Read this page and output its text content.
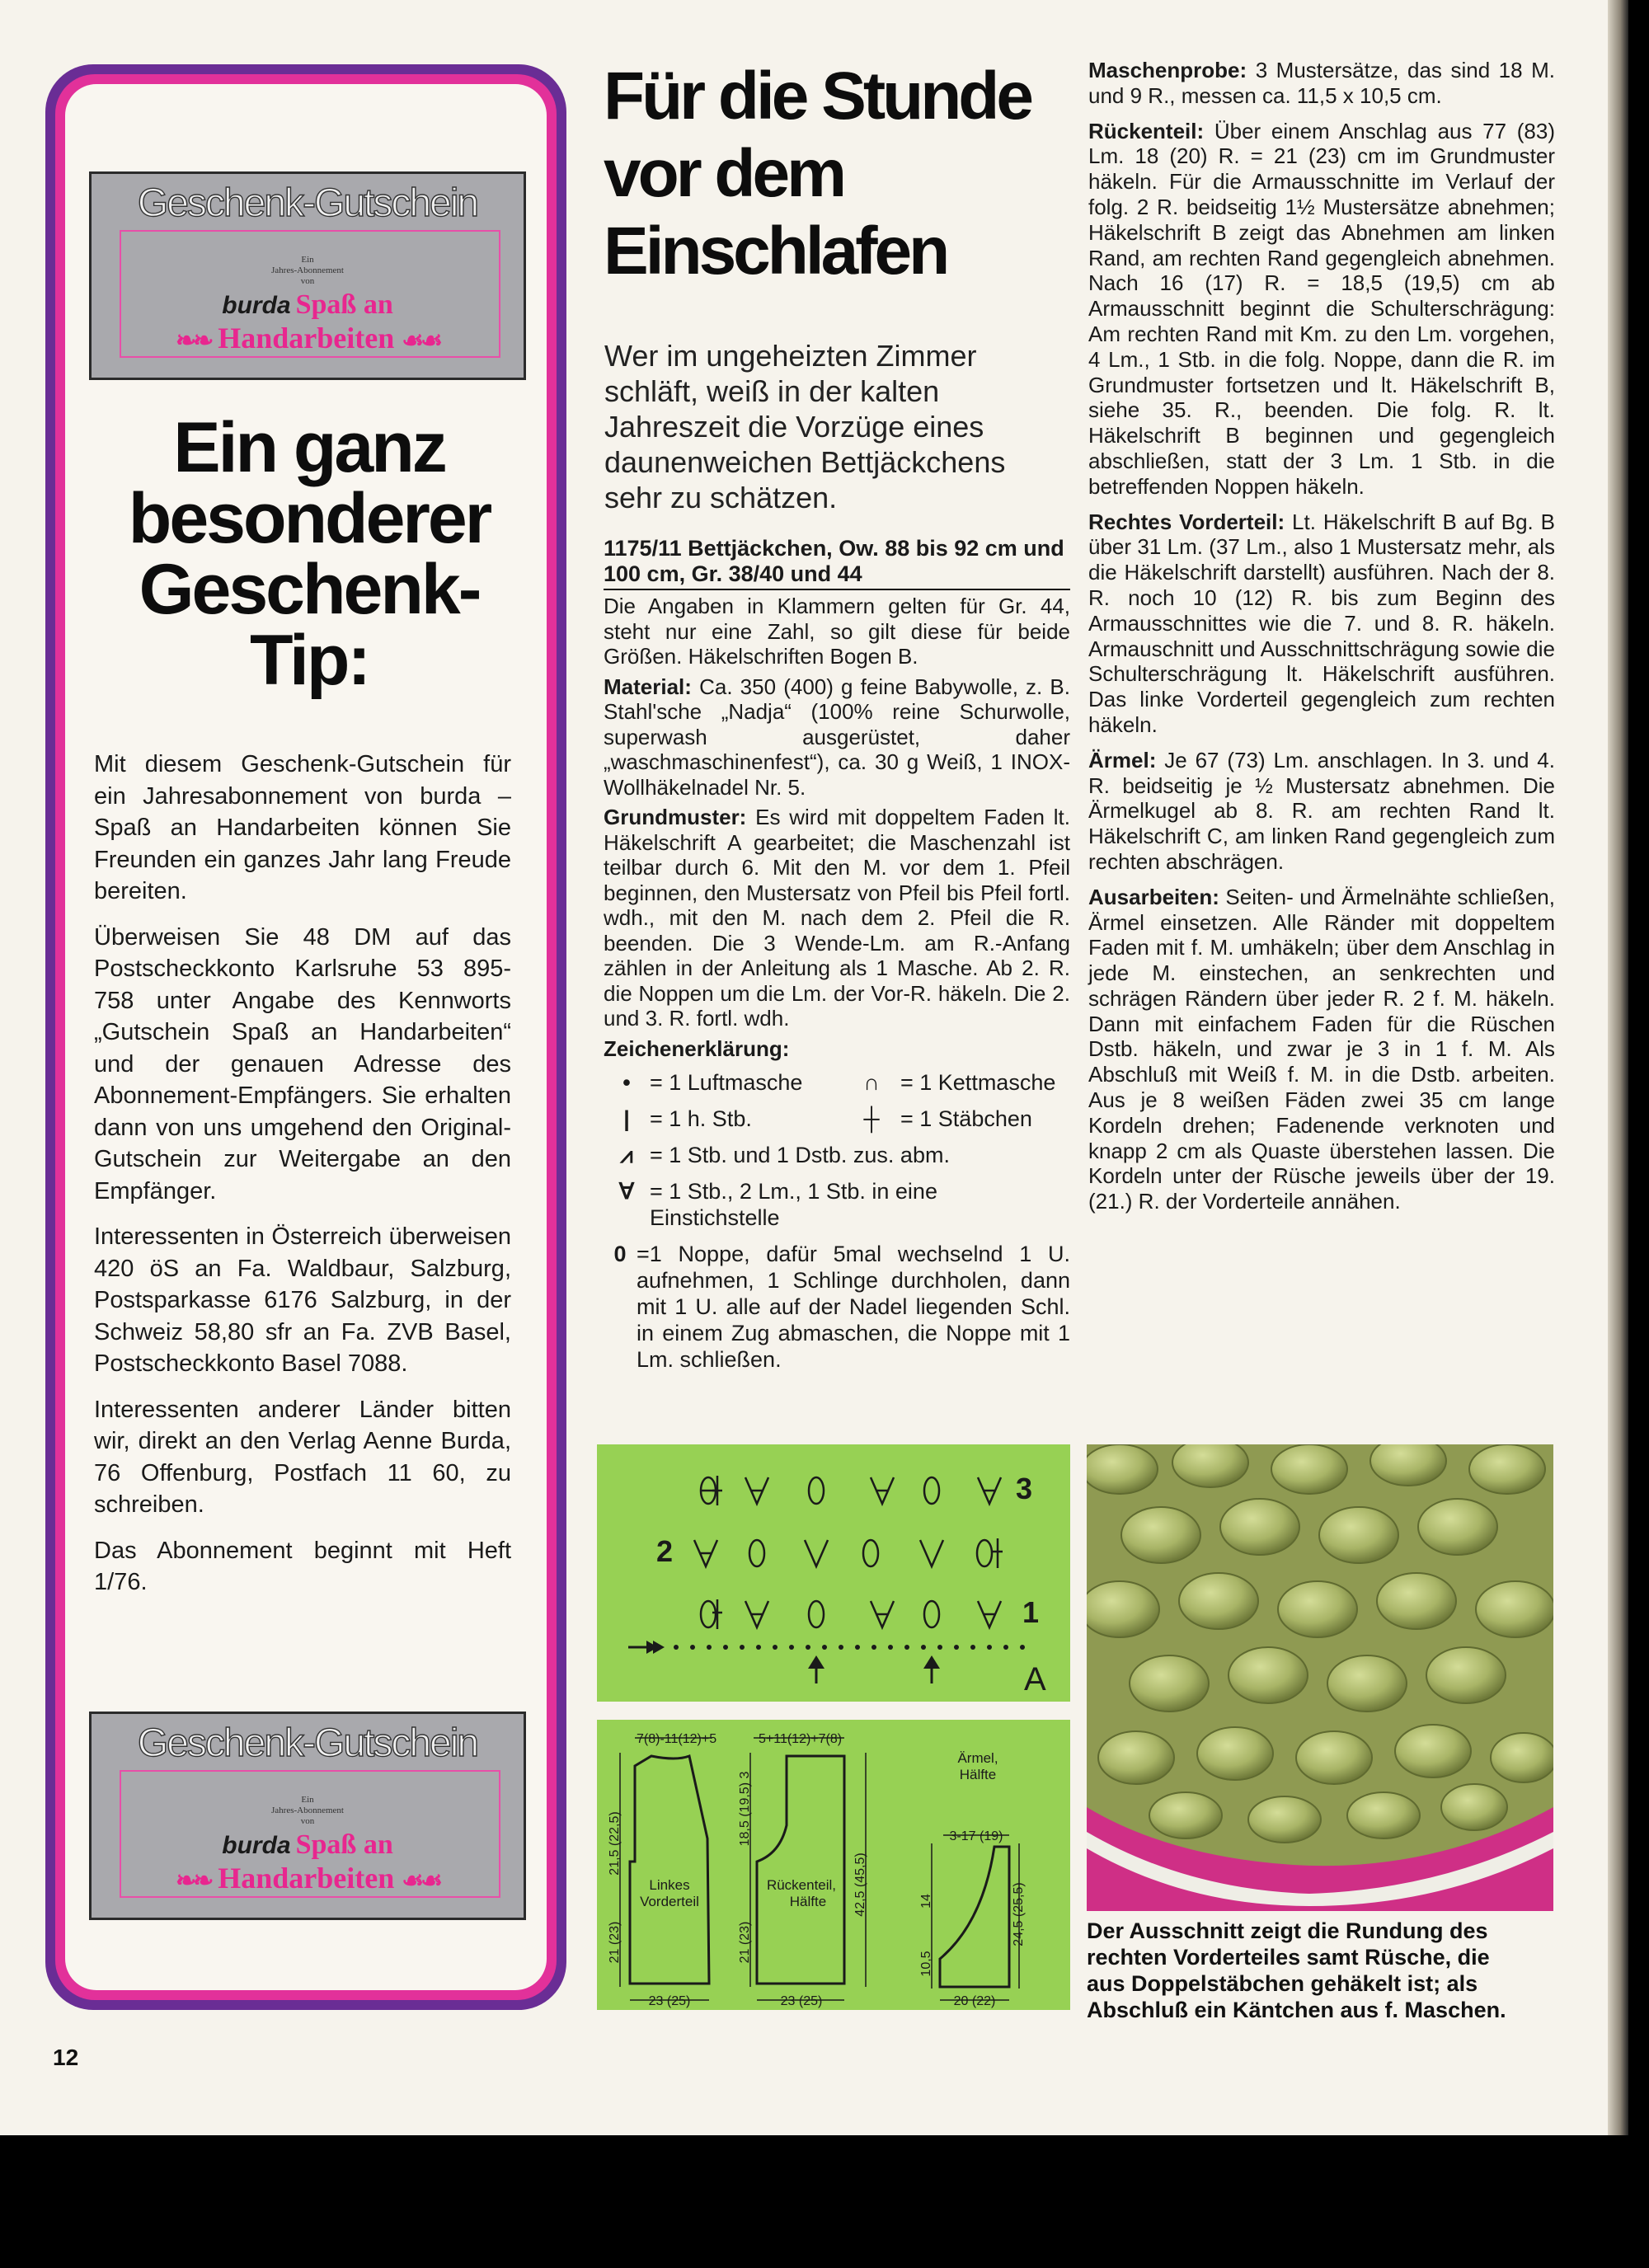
Geschenk-Gutschein
Ein
Jahres-Abonnement
von
burda Spaß an
❧❧ Handarbeiten ☙☙
Ein ganz
besonderer
Geschenk-
Tip:

Mit diesem Geschenk-Gutschein für ein Jahresabonnement von burda – Spaß an Handarbeiten können Sie Freunden ein ganzes Jahr lang Freude bereiten.

Überweisen Sie 48 DM auf das Postscheckkonto Karlsruhe 53 895-758 unter Angabe des Kennworts „Gutschein Spaß an Handarbeiten“ und der genauen Adresse des Abonnement-Empfängers. Sie erhalten dann von uns umgehend den Original-Gutschein zur Weitergabe an den Empfänger.

Interessenten in Österreich überweisen 420 öS an Fa. Waldbaur, Salzburg, Postsparkasse 6176 Salzburg, in der Schweiz 58,80 sfr an Fa. ZVB Basel, Postscheckkonto Basel 7088.

Interessenten anderer Länder bitten wir, direkt an den Verlag Aenne Burda, 76 Offenburg, Postfach 11 60, zu schreiben.

Das Abonnement beginnt mit Heft 1/76.

Geschenk-Gutschein
Ein
Jahres-Abonnement
von
burda Spaß an
❧❧ Handarbeiten ☙☙
12
Für die Stunde
vor dem
Einschlafen
Wer im ungeheizten Zimmer
schläft, weiß in der kalten
Jahreszeit die Vorzüge eines
daunenweichen Bettjäckchens
sehr zu schätzen.
1175/11 Bettjäckchen, Ow. 88 bis 92 cm und 100 cm, Gr. 38/40 und 44

Die Angaben in Klammern gelten für Gr. 44, steht nur eine Zahl, so gilt diese für beide Größen. Häkelschriften Bogen B.

Material: Ca. 350 (400) g feine Babywolle, z. B. Stahl'sche „Nadja“ (100% reine Schurwolle, superwash ausgerüstet, daher „waschmaschinenfest“), ca. 30 g Weiß, 1 INOX-Wollhäkelnadel Nr. 5.

Grundmuster: Es wird mit doppeltem Faden lt. Häkelschrift A gearbeitet; die Maschenzahl ist teilbar durch 6. Mit den M. vor dem 1. Pfeil beginnen, den Mustersatz von Pfeil bis Pfeil fortl. wdh., mit den M. nach dem 2. Pfeil die R. beenden. Die 3 Wende-Lm. am R.-Anfang zählen in der Anleitung als 1 Masche. Ab 2. R. die Noppen um die Lm. der Vor-R. häkeln. Die 2. und 3. R. fortl. wdh.

Zeichenerklärung:
• = 1 Luftmasche	∩ = 1 Kettmasche
| = 1 h. Stb.	┼ = 1 Stäbchen
⩘ = 1 Stb. und 1 Dstb. zus. abm.
∀ = 1 Stb., 2 Lm., 1 Stb. in eine Einstichstelle
0 =1 Noppe, dafür 5mal wechselnd 1 U. aufnehmen, 1 Schlinge durchholen, dann mit 1 U. alle auf der Nadel liegenden Schl. in einem Zug abmaschen, die Noppe mit 1 Lm. schließen.

Maschenprobe: 3 Mustersätze, das sind 18 M. und 9 R., messen ca. 11,5 x 10,5 cm.

Rückenteil: Über einem Anschlag aus 77 (83) Lm. 18 (20) R. = 21 (23) cm im Grundmuster häkeln. Für die Armausschnitte im Verlauf der folg. 2 R. beidseitig 1½ Mustersätze abnehmen; Häkelschrift B zeigt das Abnehmen am linken Rand, am rechten Rand gegengleich abnehmen. Nach 16 (17) R. = 18,5 (19,5) cm ab Armausschnitt beginnt die Schulterschrägung: Am rechten Rand mit Km. zu den Lm. vorgehen, 4 Lm., 1 Stb. in die folg. Noppe, dann die R. im Grundmuster fortsetzen und lt. Häkelschrift B, siehe 35. R., beenden. Die folg. R. lt. Häkelschrift B beginnen und gegengleich abschließen, statt der 3 Lm. 1 Stb. in die betreffenden Noppen häkeln.

Rechtes Vorderteil: Lt. Häkelschrift B auf Bg. B über 31 Lm. (37 Lm., also 1 Mustersatz mehr, als die Häkelschrift darstellt) ausführen. Nach der 8. R. noch 10 (12) R. bis zum Beginn des Armausschnittes wie die 7. und 8. R. häkeln. Armauschnitt und Ausschnittschrägung sowie die Schulterschrägung lt. Häkelschrift ausführen. Das linke Vorderteil gegengleich zum rechten häkeln.

Ärmel: Je 67 (73) Lm. anschlagen. In 3. und 4. R. beidseitig je ½ Mustersatz abnehmen. Die Ärmelkugel ab 8. R. am rechten Rand lt. Häkelschrift C, am linken Rand gegengleich zum rechten abschrägen.

Ausarbeiten: Seiten- und Ärmelnähte schließen, Ärmel einsetzen. Alle Ränder mit doppeltem Faden mit f. M. umhäkeln; über dem Anschlag in jede M. einstechen, an senkrechten und schrägen Rändern über jeder R. 2 f. M. häkeln. Dann mit einfachem Faden für die Rüschen Dstb. häkeln, und zwar je 3 in 1 f. M. Als Abschluß mit Weiß f. M. in die Dstb. arbeiten. Aus je 8 weißen Fäden zwei 35 cm lange Kordeln drehen; Fadenende verknoten und knapp 2 cm als Quaste überstehen lassen. Die Kordeln unter der Rüsche jeweils über der 19. (21.) R. der Vorderteile annähen.

3
2
1
A
7(8)-11(12)+5	5+11(12)+7(8)
Ärmel,
Hälfte
Linkes
Vorderteil
Rückenteil,
Hälfte
21,5 (22,5)
21 (23)
18,5 (19,5) 3
21 (23)
42,5 (45,5)
23 (25)	23 (25)
3-17 (19)
10,5
14	24,5 (25,5)
20 (22)
Der Ausschnitt zeigt die Rundung des
rechten Vorderteiles samt Rüsche, die
aus Doppelstäbchen gehäkelt ist; als
Abschluß ein Käntchen aus f. Maschen.
